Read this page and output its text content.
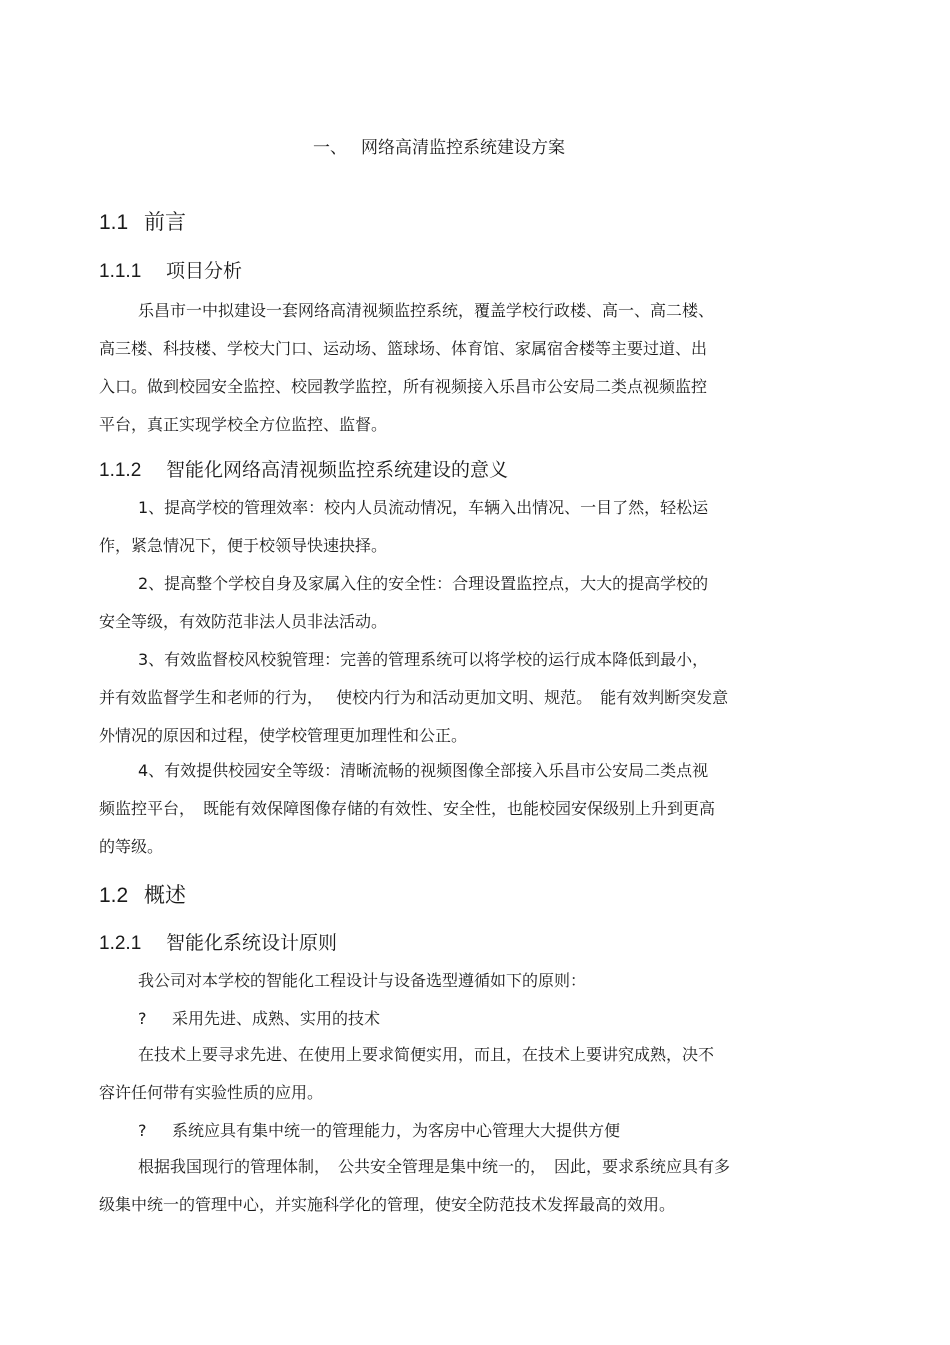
一、 网络高清监控系统建设方案
1.1 前言
1.1.1 项目分析
乐昌市一中拟建设一套网络高清视频监控系统，覆盖学校行政楼、高一、高二楼、
高三楼、科技楼、学校大门口、运动场、篮球场、体育馆、家属宿舍楼等主要过道、出
入口。做到校园安全监控、校园教学监控，所有视频接入乐昌市公安局二类点视频监控
平台，真正实现学校全方位监控、监督。
1.1.2 智能化网络高清视频监控系统建设的意义
1、提高学校的管理效率：校内人员流动情况，车辆入出情况、一目了然，轻松运
作，紧急情况下，便于校领导快速抉择。
2、提高整个学校自身及家属入住的安全性：合理设置监控点，大大的提高学校的
安全等级，有效防范非法人员非法活动。
3、有效监督校风校貌管理：完善的管理系统可以将学校的运行成本降低到最小，
并有效监督学生和老师的行为，　 使校内行为和活动更加文明、规范。　能有效判断突发意
外情况的原因和过程，使学校管理更加理性和公正。
4、有效提供校园安全等级：清晰流畅的视频图像全部接入乐昌市公安局二类点视
频监控平台，　既能有效保障图像存储的有效性、安全性，也能校园安保级别上升到更高
的等级。
1.2 概述
1.2.1 智能化系统设计原则
我公司对本学校的智能化工程设计与设备选型遵循如下的原则：
? 采用先进、成熟、实用的技术
在技术上要寻求先进、在使用上要求简便实用，而且，在技术上要讲究成熟，决不
容许任何带有实验性质的应用。
? 系统应具有集中统一的管理能力，为客房中心管理大大提供方便
根据我国现行的管理体制，　公共安全管理是集中统一的，　因此，要求系统应具有多
级集中统一的管理中心，并实施科学化的管理，使安全防范技术发挥最高的效用。
